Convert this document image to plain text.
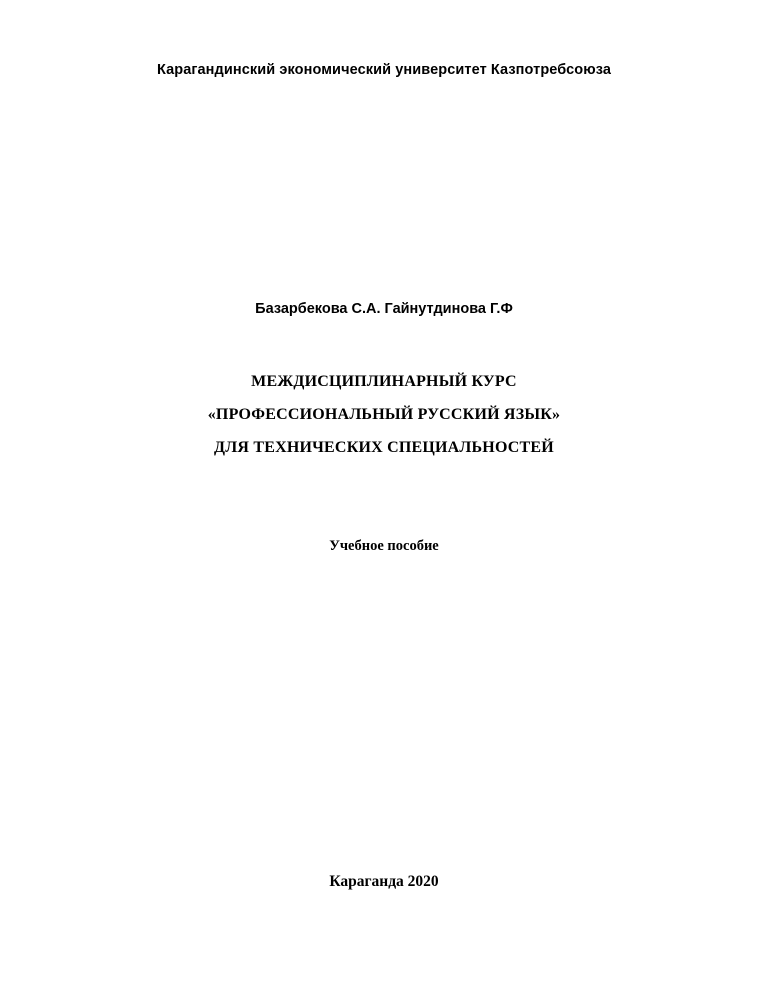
Карагандинский экономический университет Казпотребсоюза
Базарбекова С.А. Гайнутдинова Г.Ф
МЕЖДИСЦИПЛИНАРНЫЙ КУРС
«ПРОФЕССИОНАЛЬНЫЙ РУССКИЙ ЯЗЫК»
ДЛЯ ТЕХНИЧЕСКИХ СПЕЦИАЛЬНОСТЕЙ
Учебное пособие
Караганда 2020
